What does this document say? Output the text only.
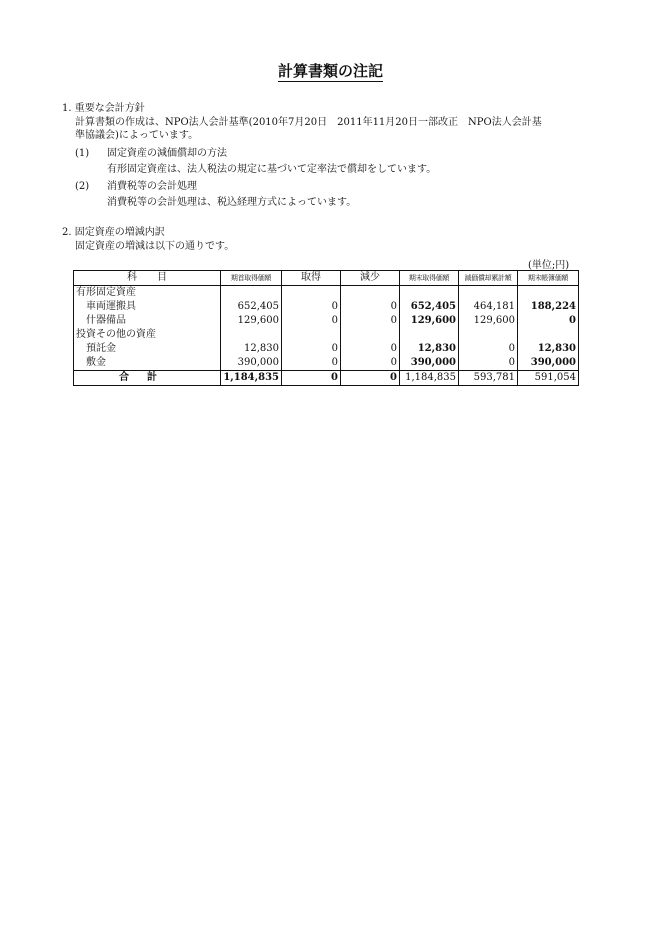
計算書類の注記
1. 重要な会計方針
計算書類の作成は、NPO法人会計基準(2010年7月20日　2011年11月20日一部改正　NPO法人会計基
準協議会)によっています。
(1) 固定資産の減価償却の方法
有形固定資産は、法人税法の規定に基づいて定率法で償却をしています。
(2) 消費税等の会計処理
消費税等の会計処理は、税込経理方式によっています。
2. 固定資産の増減内訳
固定資産の増減は以下の通りです。
(単位;円)
科　　目	期首取得価額	取得	減少	期末取得価額	減価償却累計額	期末帳簿価額
有形固定資産						
車両運搬具	652,405	0	0	652,405	464,181	188,224
什器備品	129,600	0	0	129,600	129,600	0
投資その他の資産						
預託金	12,830	0	0	12,830	0	12,830
敷金	390,000	0	0	390,000	0	390,000
合計	1,184,835	0	0	1,184,835	593,781	591,054
